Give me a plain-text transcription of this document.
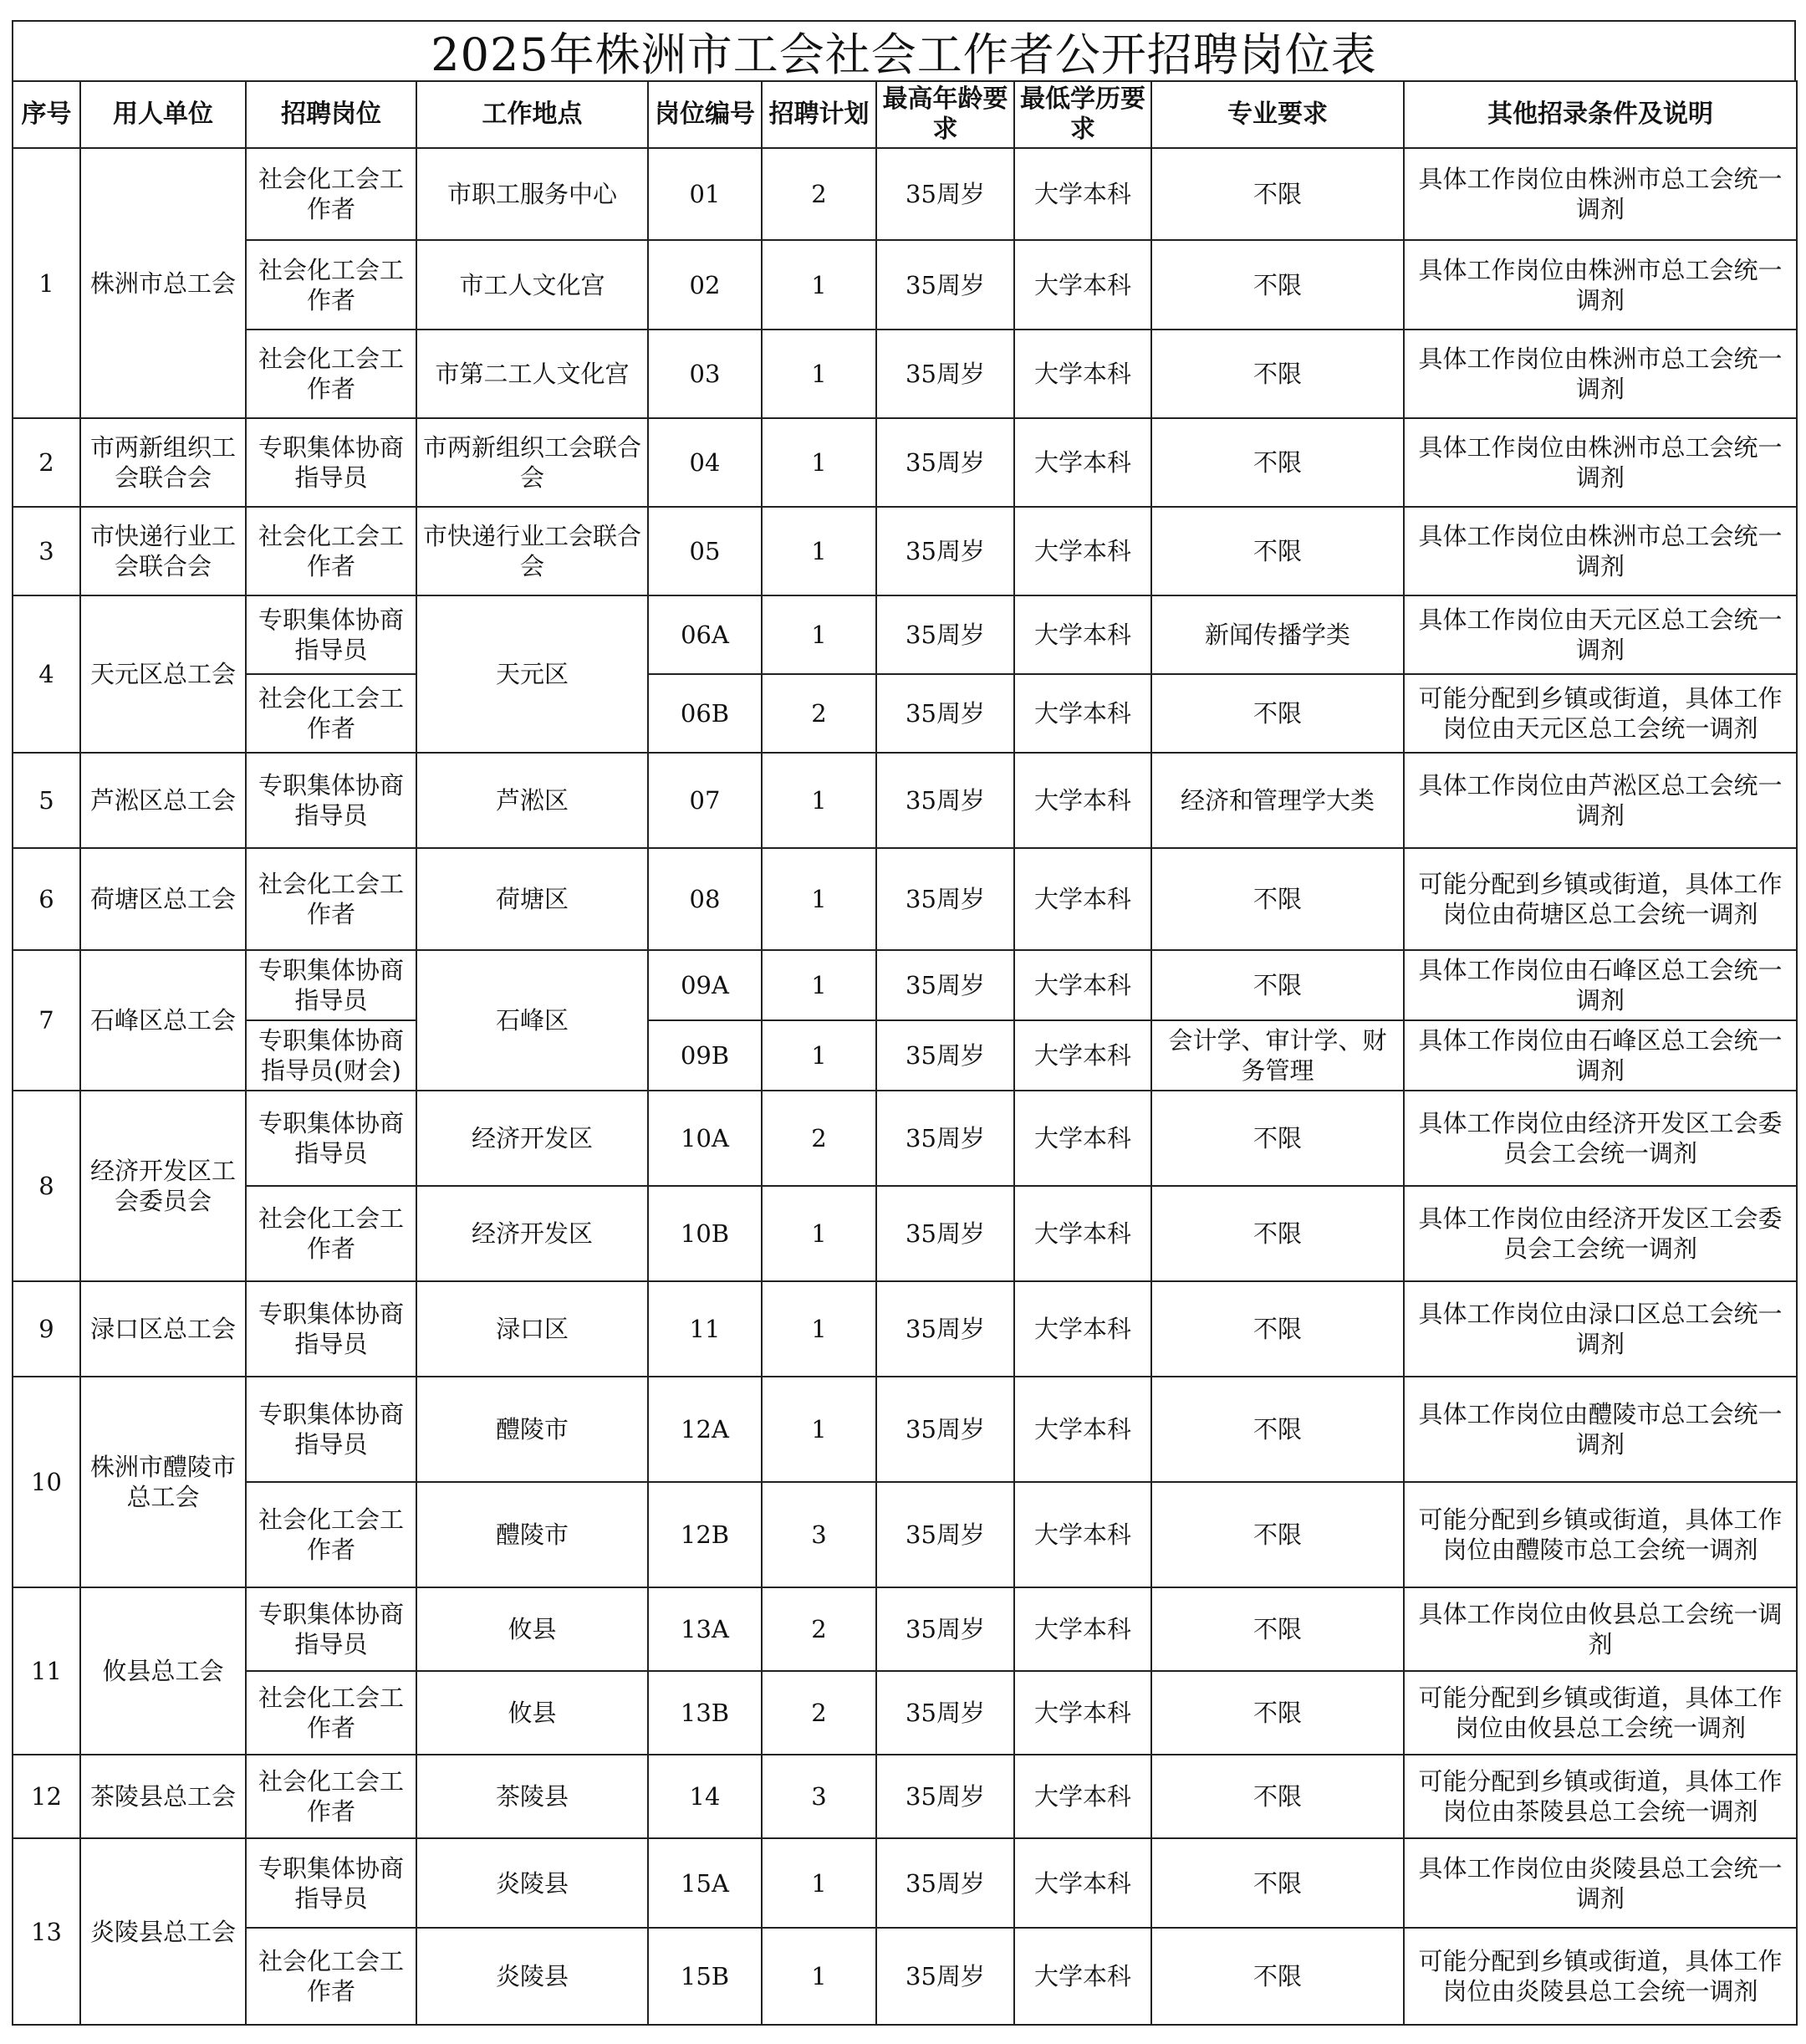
2025年株洲市工会社会工作者公开招聘岗位表
序号	用人单位	招聘岗位	工作地点	岗位编号	招聘计划	最高年龄要求	最低学历要求	专业要求	其他招录条件及说明
1	株洲市总工会	社会化工会工作者	市职工服务中心	01	2	35周岁	大学本科	不限	具体工作岗位由株洲市总工会统一调剂
		社会化工会工作者	市工人文化宫	02	1	35周岁	大学本科	不限	具体工作岗位由株洲市总工会统一调剂
		社会化工会工作者	市第二工人文化宫	03	1	35周岁	大学本科	不限	具体工作岗位由株洲市总工会统一调剂
2	市两新组织工会联合会	专职集体协商指导员	市两新组织工会联合会	04	1	35周岁	大学本科	不限	具体工作岗位由株洲市总工会统一调剂
3	市快递行业工会联合会	社会化工会工作者	市快递行业工会联合会	05	1	35周岁	大学本科	不限	具体工作岗位由株洲市总工会统一调剂
4	天元区总工会	专职集体协商指导员	天元区	06A	1	35周岁	大学本科	新闻传播学类	具体工作岗位由天元区总工会统一调剂
		社会化工会工作者		06B	2	35周岁	大学本科	不限	可能分配到乡镇或街道，具体工作岗位由天元区总工会统一调剂
5	芦淞区总工会	专职集体协商指导员	芦淞区	07	1	35周岁	大学本科	经济和管理学大类	具体工作岗位由芦淞区总工会统一调剂
6	荷塘区总工会	社会化工会工作者	荷塘区	08	1	35周岁	大学本科	不限	可能分配到乡镇或街道，具体工作岗位由荷塘区总工会统一调剂
7	石峰区总工会	专职集体协商指导员	石峰区	09A	1	35周岁	大学本科	不限	具体工作岗位由石峰区总工会统一调剂
		专职集体协商指导员(财会)		09B	1	35周岁	大学本科	会计学、审计学、财务管理	具体工作岗位由石峰区总工会统一调剂
8	经济开发区工会委员会	专职集体协商指导员	经济开发区	10A	2	35周岁	大学本科	不限	具体工作岗位由经济开发区工会委员会工会统一调剂
		社会化工会工作者	经济开发区	10B	1	35周岁	大学本科	不限	具体工作岗位由经济开发区工会委员会工会统一调剂
9	渌口区总工会	专职集体协商指导员	渌口区	11	1	35周岁	大学本科	不限	具体工作岗位由渌口区总工会统一调剂
10	株洲市醴陵市总工会	专职集体协商指导员	醴陵市	12A	1	35周岁	大学本科	不限	具体工作岗位由醴陵市总工会统一调剂
		社会化工会工作者	醴陵市	12B	3	35周岁	大学本科	不限	可能分配到乡镇或街道，具体工作岗位由醴陵市总工会统一调剂
11	攸县总工会	专职集体协商指导员	攸县	13A	2	35周岁	大学本科	不限	具体工作岗位由攸县总工会统一调剂
		社会化工会工作者	攸县	13B	2	35周岁	大学本科	不限	可能分配到乡镇或街道，具体工作岗位由攸县总工会统一调剂
12	茶陵县总工会	社会化工会工作者	茶陵县	14	3	35周岁	大学本科	不限	可能分配到乡镇或街道，具体工作岗位由茶陵县总工会统一调剂
13	炎陵县总工会	专职集体协商指导员	炎陵县	15A	1	35周岁	大学本科	不限	具体工作岗位由炎陵县总工会统一调剂
		社会化工会工作者	炎陵县	15B	1	35周岁	大学本科	不限	可能分配到乡镇或街道，具体工作岗位由炎陵县总工会统一调剂
